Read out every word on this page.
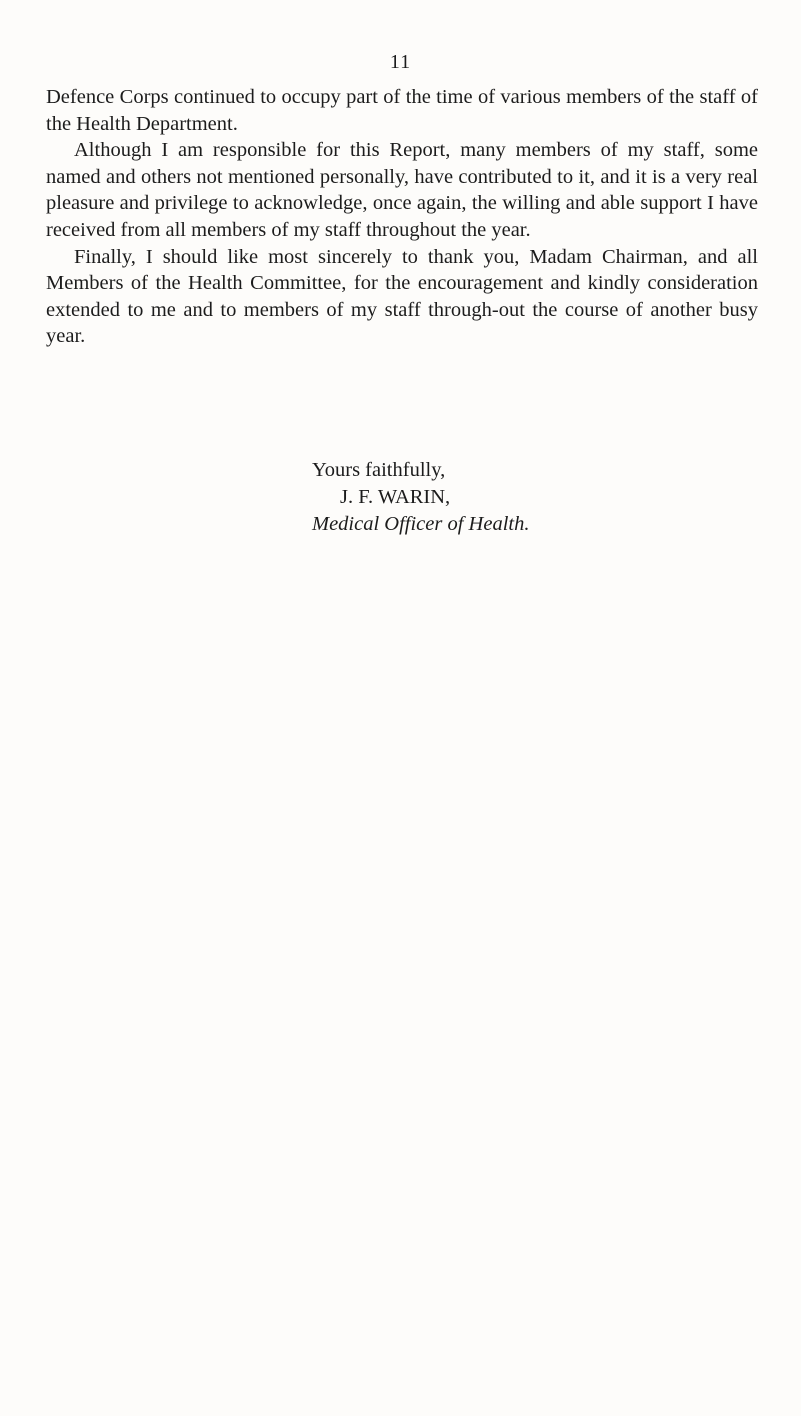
11

Defence Corps continued to occupy part of the time of various members of the staff of the Health Department.

Although I am responsible for this Report, many members of my staff, some named and others not mentioned personally, have contributed to it, and it is a very real pleasure and privilege to acknowledge, once again, the willing and able support I have received from all members of my staff throughout the year.

Finally, I should like most sincerely to thank you, Madam Chairman, and all Members of the Health Committee, for the encouragement and kindly consideration extended to me and to members of my staff through-out the course of another busy year.

Yours faithfully,
J. F. WARIN,
Medical Officer of Health.
